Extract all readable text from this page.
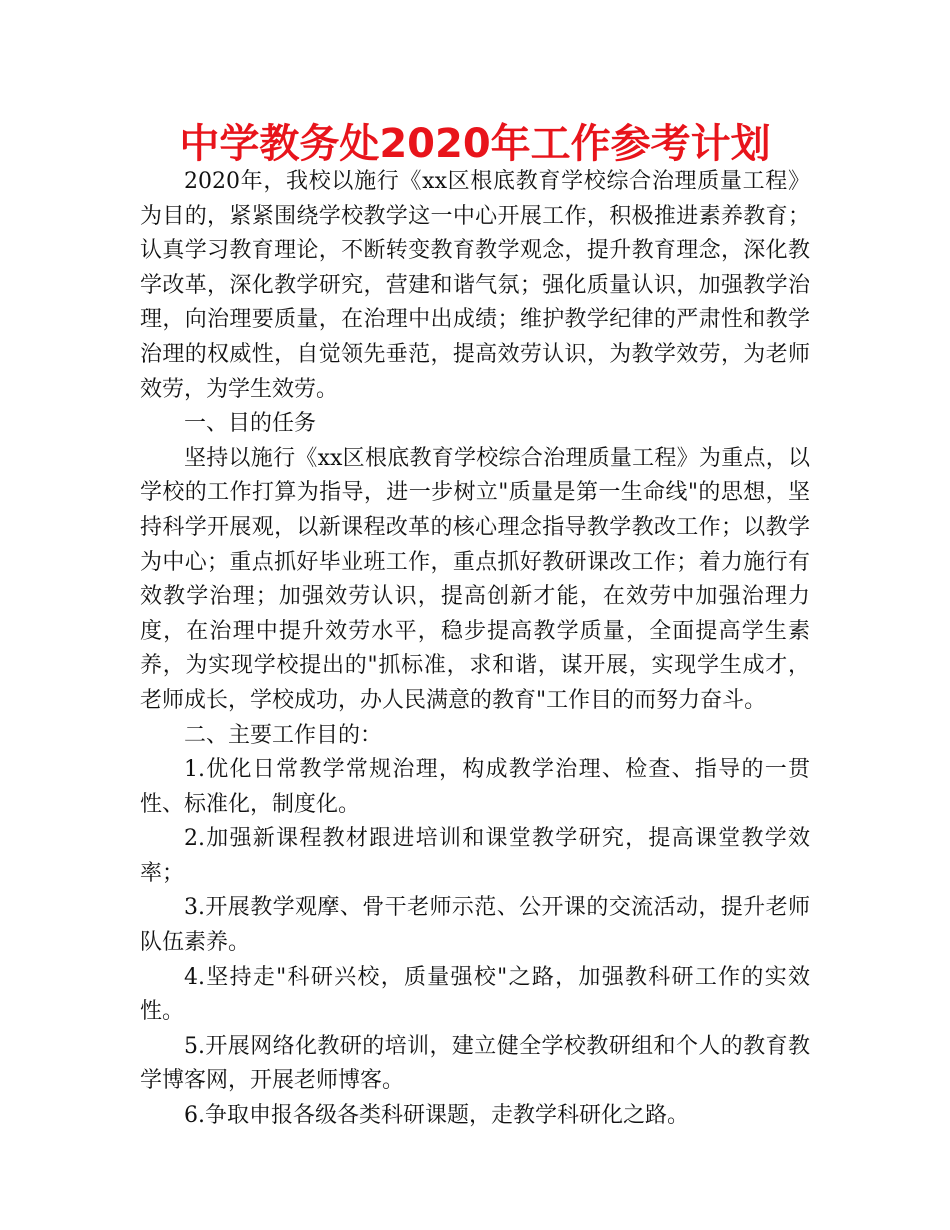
中学教务处2020年工作参考计划

2020年，我校以施行《xx区根底教育学校综合治理质量工程》为目的，紧紧围绕学校教学这一中心开展工作，积极推进素养教育；认真学习教育理论，不断转变教育教学观念，提升教育理念，深化教学改革，深化教学研究，营建和谐气氛；强化质量认识，加强教学治理，向治理要质量，在治理中出成绩；维护教学纪律的严肃性和教学治理的权威性，自觉领先垂范，提高效劳认识，为教学效劳，为老师效劳，为学生效劳。

一、目的任务

坚持以施行《xx区根底教育学校综合治理质量工程》为重点，以学校的工作打算为指导，进一步树立"质量是第一生命线"的思想，坚持科学开展观，以新课程改革的核心理念指导教学教改工作；以教学为中心；重点抓好毕业班工作，重点抓好教研课改工作；着力施行有效教学治理；加强效劳认识，提高创新才能，在效劳中加强治理力度，在治理中提升效劳水平，稳步提高教学质量，全面提高学生素养，为实现学校提出的"抓标准，求和谐，谋开展，实现学生成才，老师成长，学校成功，办人民满意的教育"工作目的而努力奋斗。

二、主要工作目的：

1.优化日常教学常规治理，构成教学治理、检查、指导的一贯性、标准化，制度化。

2.加强新课程教材跟进培训和课堂教学研究，提高课堂教学效率；

3.开展教学观摩、骨干老师示范、公开课的交流活动，提升老师队伍素养。

4.坚持走"科研兴校，质量强校"之路，加强教科研工作的实效性。

5.开展网络化教研的培训，建立健全学校教研组和个人的教育教学博客网，开展老师博客。

6.争取申报各级各类科研课题，走教学科研化之路。
